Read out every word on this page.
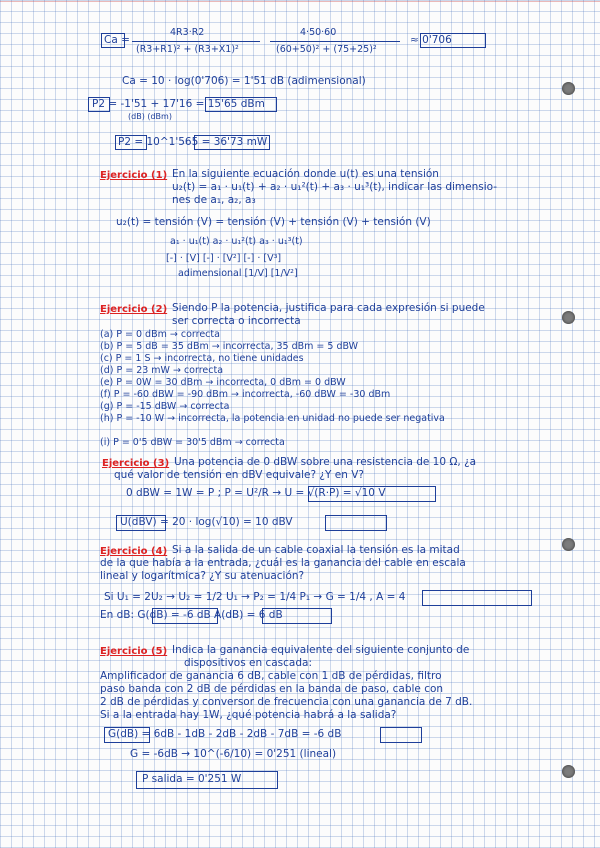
Ca =
4R3·R2
(R3+R1)² + (R3+X1)²
4·50·60
(60+50)² + (75+25)²
≈ 0'706
Ca = 10 · log(0'706) = 1'51 dB (adimensional)
P2 = -1'51 + 17'16 = 15'65 dBm
(dB) (dBm)
P2 = 10^1'565 = 36'73 mW
Ejercicio (1) En la siguiente ecuación donde u(t) es una tensión
u₂(t) = a₁ · u₁(t) + a₂ · u₁²(t) + a₃ · u₁³(t), indicar las dimensio-
nes de a₁, a₂, a₃
u₂(t) = tensión (V) = tensión (V) + tensión (V) + tensión (V)
a₁ · u₁(t) a₂ · u₁²(t) a₃ · u₁³(t)
[-] · [V] [-] · [V²] [-] · [V³]
adimensional [1/V] [1/V²]
Ejercicio (2) Siendo P la potencia, justifica para cada expresión si puede
ser correcta o incorrecta
(a) P = 0 dBm → correcta
(b) P = 5 dB = 35 dBm → incorrecta, 35 dBm = 5 dBW
(c) P = 1 S → incorrecta, no tiene unidades
(d) P = 23 mW → correcta
(e) P = 0W = 30 dBm → incorrecta, 0 dBm = 0 dBW
(f) P = -60 dBW = -90 dBm → incorrecta, -60 dBW = -30 dBm
(g) P = -15 dBW → correcta
(h) P = -10 W → incorrecta, la potencia en unidad no puede ser negativa
(i) P = 0'5 dBW = 30'5 dBm → correcta
Ejercicio (3) Una potencia de 0 dBW sobre una resistencia de 10 Ω, ¿a
qué valor de tensión en dBV equivale? ¿Y en V?
0 dBW = 1W = P ; P = U²/R → U = √(R·P) = √10 V
U(dBV) = 20 · log(√10) = 10 dBV
Ejercicio (4) Si a la salida de un cable coaxial la tensión es la mitad
de la que había a la entrada, ¿cuál es la ganancia del cable en escala
lineal y logarítmica? ¿Y su atenuación?
Si U₁ = 2U₂ → U₂ = 1/2 U₁ → P₂ = 1/4 P₁ → G = 1/4 , A = 4
En dB: G(dB) = -6 dB A(dB) = 6 dB
Ejercicio (5) Indica la ganancia equivalente del siguiente conjunto de
dispositivos en cascada:
Amplificador de ganancia 6 dB, cable con 1 dB de pérdidas, filtro
paso banda con 2 dB de pérdidas en la banda de paso, cable con
2 dB de pérdidas y conversor de frecuencia con una ganancia de 7 dB.
Si a la entrada hay 1W, ¿qué potencia habrá a la salida?
G(dB) = 6dB - 1dB - 2dB - 2dB - 7dB = -6 dB
G = -6dB → 10^(-6/10) = 0'251 (lineal)
P salida = 0'251 W
